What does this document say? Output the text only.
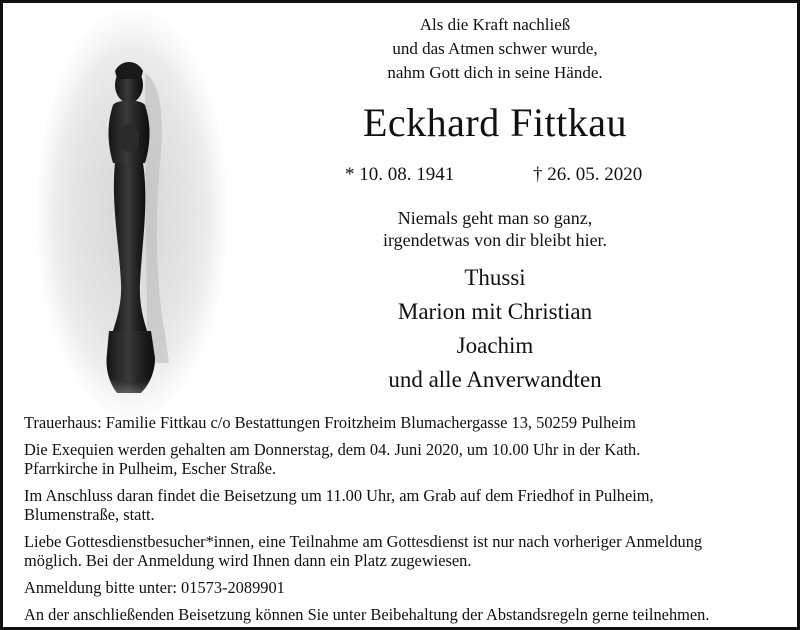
Als die Kraft nachließ
und das Atmen schwer wurde,
nahm Gott dich in seine Hände.
Eckhard Fittkau
* 10. 08. 1941	† 26. 05. 2020
Niemals geht man so ganz,
irgendetwas von dir bleibt hier.
Thussi
Marion mit Christian
Joachim
und alle Anverwandten

Trauerhaus: Familie Fittkau c/o Bestattungen Froitzheim Blumachergasse 13, 50259 Pulheim

Die Exequien werden gehalten am Donnerstag, dem 04. Juni 2020, um 10.00 Uhr in der Kath.

Pfarrkirche in Pulheim, Escher Straße.

Im Anschluss daran findet die Beisetzung um 11.00 Uhr, am Grab auf dem Friedhof in Pulheim,

Blumenstraße, statt.

Liebe Gottesdienstbesucher*innen, eine Teilnahme am Gottesdienst ist nur nach vorheriger Anmeldung

möglich. Bei der Anmeldung wird Ihnen dann ein Platz zugewiesen.

Anmeldung bitte unter: 01573-2089901

An der anschließenden Beisetzung können Sie unter Beibehaltung der Abstandsregeln gerne teilnehmen.
